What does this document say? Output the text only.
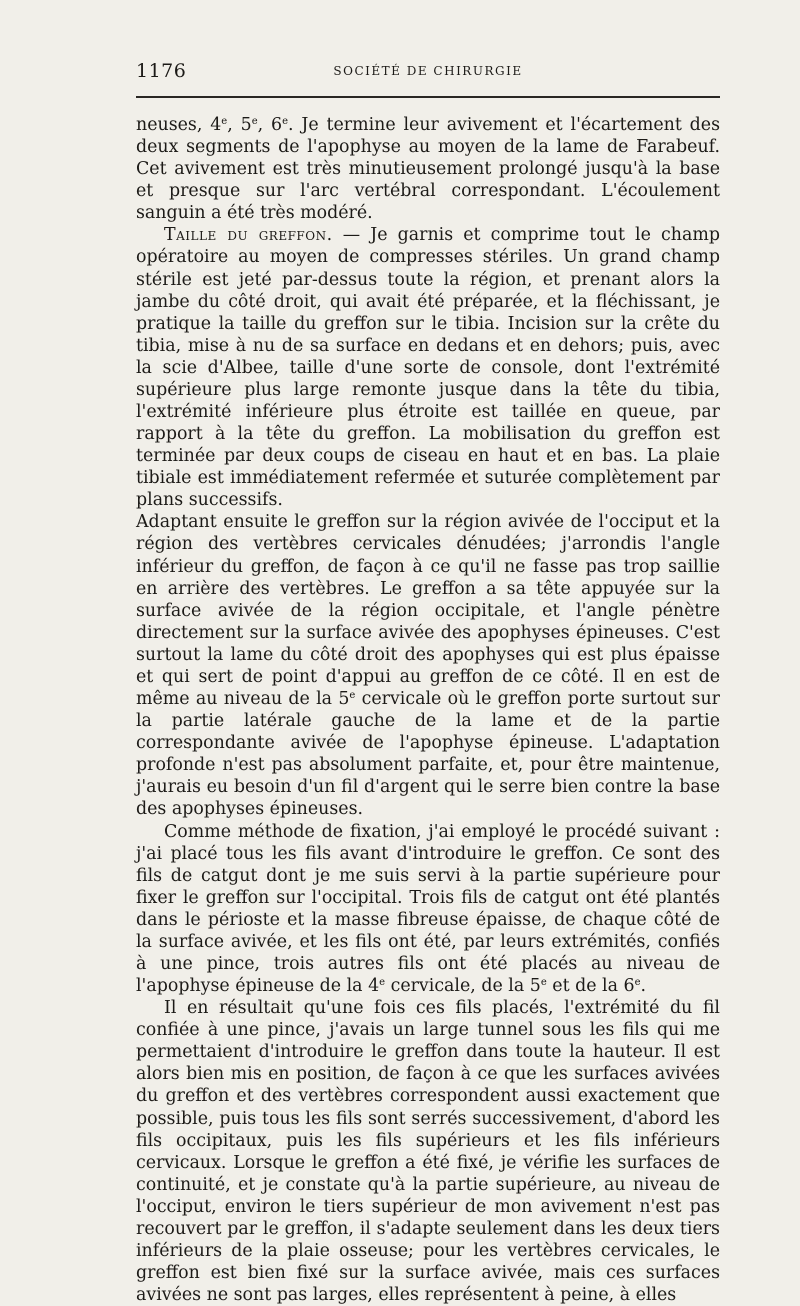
1176	SOCIÉTÉ DE CHIRURGIE

neuses, 4e, 5e, 6e. Je termine leur avivement et l'écartement des deux segments de l'apophyse au moyen de la lame de Farabeuf. Cet avivement est très minutieusement prolongé jusqu'à la base et presque sur l'arc vertébral correspondant. L'écoulement sanguin a été très modéré.

Taille du greffon. — Je garnis et comprime tout le champ opératoire au moyen de compresses stériles. Un grand champ stérile est jeté par-dessus toute la région, et prenant alors la jambe du côté droit, qui avait été préparée, et la fléchissant, je pratique la taille du greffon sur le tibia. Incision sur la crête du tibia, mise à nu de sa surface en dedans et en dehors; puis, avec la scie d'Albee, taille d'une sorte de console, dont l'extrémité supérieure plus large remonte jusque dans la tête du tibia, l'extrémité inférieure plus étroite est taillée en queue, par rapport à la tête du greffon. La mobilisation du greffon est terminée par deux coups de ciseau en haut et en bas. La plaie tibiale est immédiatement refermée et suturée complètement par plans successifs.

Adaptant ensuite le greffon sur la région avivée de l'occiput et la région des vertèbres cervicales dénudées; j'arrondis l'angle inférieur du greffon, de façon à ce qu'il ne fasse pas trop saillie en arrière des vertèbres. Le greffon a sa tête appuyée sur la surface avivée de la région occipitale, et l'angle pénètre directement sur la surface avivée des apophyses épineuses. C'est surtout la lame du côté droit des apophyses qui est plus épaisse et qui sert de point d'appui au greffon de ce côté. Il en est de même au niveau de la 5e cervicale où le greffon porte surtout sur la partie latérale gauche de la lame et de la partie correspondante avivée de l'apophyse épineuse. L'adaptation profonde n'est pas absolument parfaite, et, pour être maintenue, j'aurais eu besoin d'un fil d'argent qui le serre bien contre la base des apophyses épineuses.

Comme méthode de fixation, j'ai employé le procédé suivant : j'ai placé tous les fils avant d'introduire le greffon. Ce sont des fils de catgut dont je me suis servi à la partie supérieure pour fixer le greffon sur l'occipital. Trois fils de catgut ont été plantés dans le périoste et la masse fibreuse épaisse, de chaque côté de la surface avivée, et les fils ont été, par leurs extrémités, confiés à une pince, trois autres fils ont été placés au niveau de l'apophyse épineuse de la 4e cervicale, de la 5e et de la 6e.

Il en résultait qu'une fois ces fils placés, l'extrémité du fil confiée à une pince, j'avais un large tunnel sous les fils qui me permettaient d'introduire le greffon dans toute la hauteur. Il est alors bien mis en position, de façon à ce que les surfaces avivées du greffon et des vertèbres correspondent aussi exactement que possible, puis tous les fils sont serrés successivement, d'abord les fils occipitaux, puis les fils supérieurs et les fils inférieurs cervicaux. Lorsque le greffon a été fixé, je vérifie les surfaces de continuité, et je constate qu'à la partie supérieure, au niveau de l'occiput, environ le tiers supérieur de mon avivement n'est pas recouvert par le greffon, il s'adapte seulement dans les deux tiers inférieurs de la plaie osseuse; pour les vertèbres cervicales, le greffon est bien fixé sur la surface avivée, mais ces surfaces avivées ne sont pas larges, elles représentent à peine, à elles
